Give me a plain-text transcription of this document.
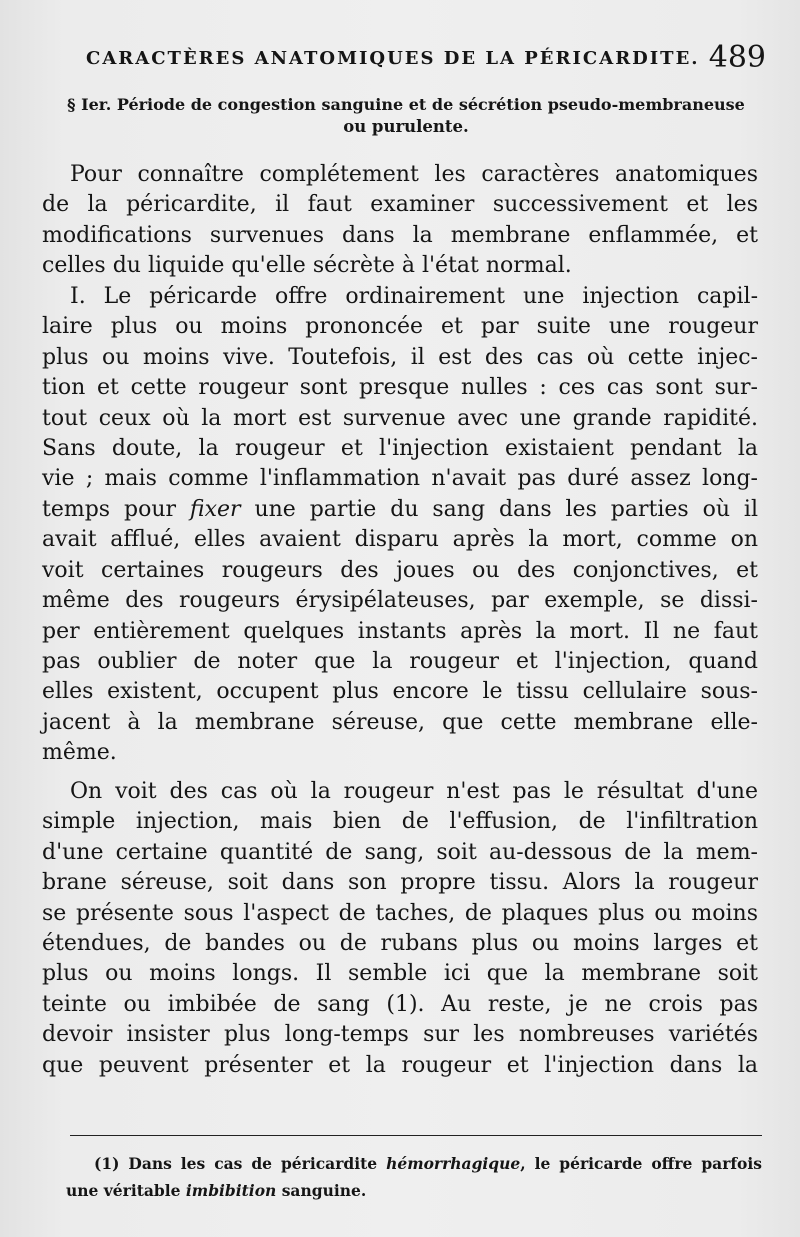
CARACTÈRES ANATOMIQUES DE LA PÉRICARDITE. 489
§ Ier. Période de congestion sanguine et de sécrétion pseudo-membraneuse
ou purulente.
Pour connaître complétement les caractères anatomiques
de la péricardite, il faut examiner successivement et les
modifications survenues dans la membrane enflammée, et
celles du liquide qu'elle sécrète à l'état normal.
I. Le péricarde offre ordinairement une injection capil-
laire plus ou moins prononcée et par suite une rougeur
plus ou moins vive. Toutefois, il est des cas où cette injec-
tion et cette rougeur sont presque nulles : ces cas sont sur-
tout ceux où la mort est survenue avec une grande rapidité.
Sans doute, la rougeur et l'injection existaient pendant la
vie ; mais comme l'inflammation n'avait pas duré assez long-
temps pour fixer une partie du sang dans les parties où il
avait afflué, elles avaient disparu après la mort, comme on
voit certaines rougeurs des joues ou des conjonctives, et
même des rougeurs érysipélateuses, par exemple, se dissi-
per entièrement quelques instants après la mort. Il ne faut
pas oublier de noter que la rougeur et l'injection, quand
elles existent, occupent plus encore le tissu cellulaire sous-
jacent à la membrane séreuse, que cette membrane elle-
même.
On voit des cas où la rougeur n'est pas le résultat d'une
simple injection, mais bien de l'effusion, de l'infiltration
d'une certaine quantité de sang, soit au-dessous de la mem-
brane séreuse, soit dans son propre tissu. Alors la rougeur
se présente sous l'aspect de taches, de plaques plus ou moins
étendues, de bandes ou de rubans plus ou moins larges et
plus ou moins longs. Il semble ici que la membrane soit
teinte ou imbibée de sang (1). Au reste, je ne crois pas
devoir insister plus long-temps sur les nombreuses variétés
que peuvent présenter et la rougeur et l'injection dans la
(1) Dans les cas de péricardite hémorrhagique, le péricarde offre parfois
une véritable imbibition sanguine.
